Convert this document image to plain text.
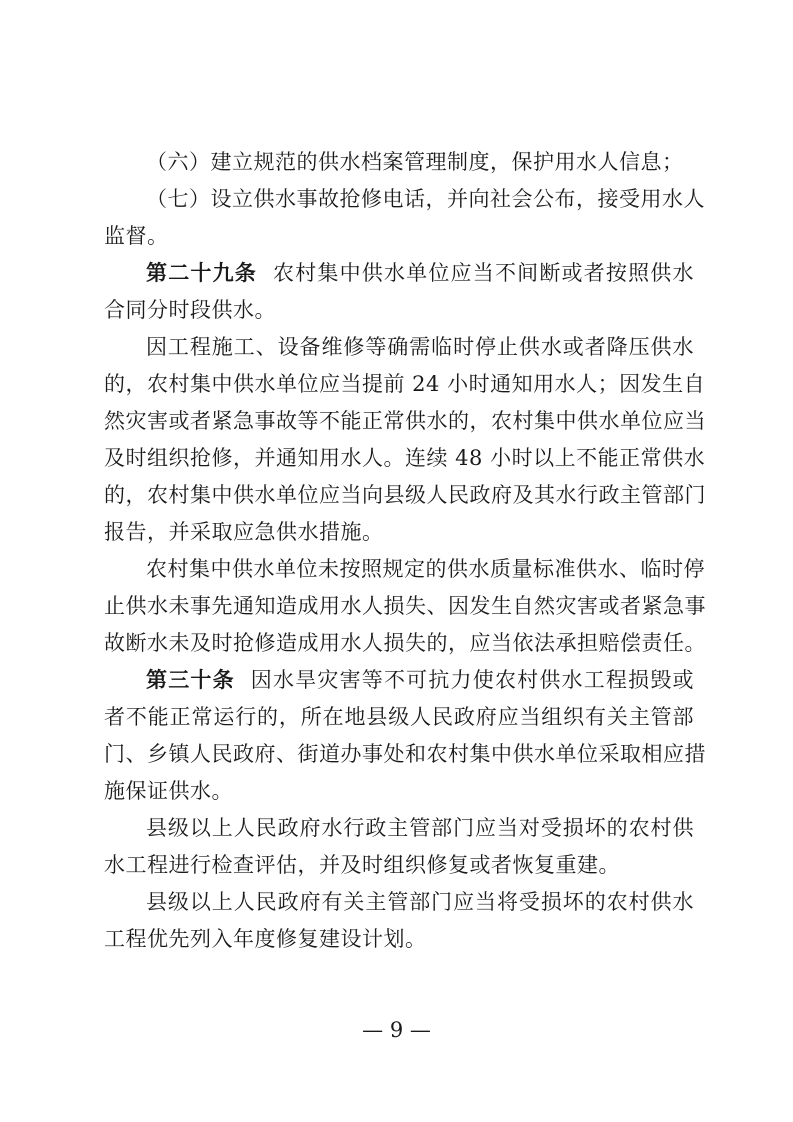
（六）建立规范的供水档案管理制度，保护用水人信息；
（七）设立供水事故抢修电话，并向社会公布，接受用水人
监督。
第二十九条 农村集中供水单位应当不间断或者按照供水
合同分时段供水。
因工程施工、设备维修等确需临时停止供水或者降压供水
的，农村集中供水单位应当提前 24 小时通知用水人；因发生自
然灾害或者紧急事故等不能正常供水的，农村集中供水单位应当
及时组织抢修，并通知用水人。连续 48 小时以上不能正常供水
的，农村集中供水单位应当向县级人民政府及其水行政主管部门
报告，并采取应急供水措施。
农村集中供水单位未按照规定的供水质量标准供水、临时停
止供水未事先通知造成用水人损失、因发生自然灾害或者紧急事
故断水未及时抢修造成用水人损失的，应当依法承担赔偿责任。
第三十条 因水旱灾害等不可抗力使农村供水工程损毁或
者不能正常运行的，所在地县级人民政府应当组织有关主管部
门、乡镇人民政府、街道办事处和农村集中供水单位采取相应措
施保证供水。
县级以上人民政府水行政主管部门应当对受损坏的农村供
水工程进行检查评估，并及时组织修复或者恢复重建。
县级以上人民政府有关主管部门应当将受损坏的农村供水
工程优先列入年度修复建设计划。
— 9 —
